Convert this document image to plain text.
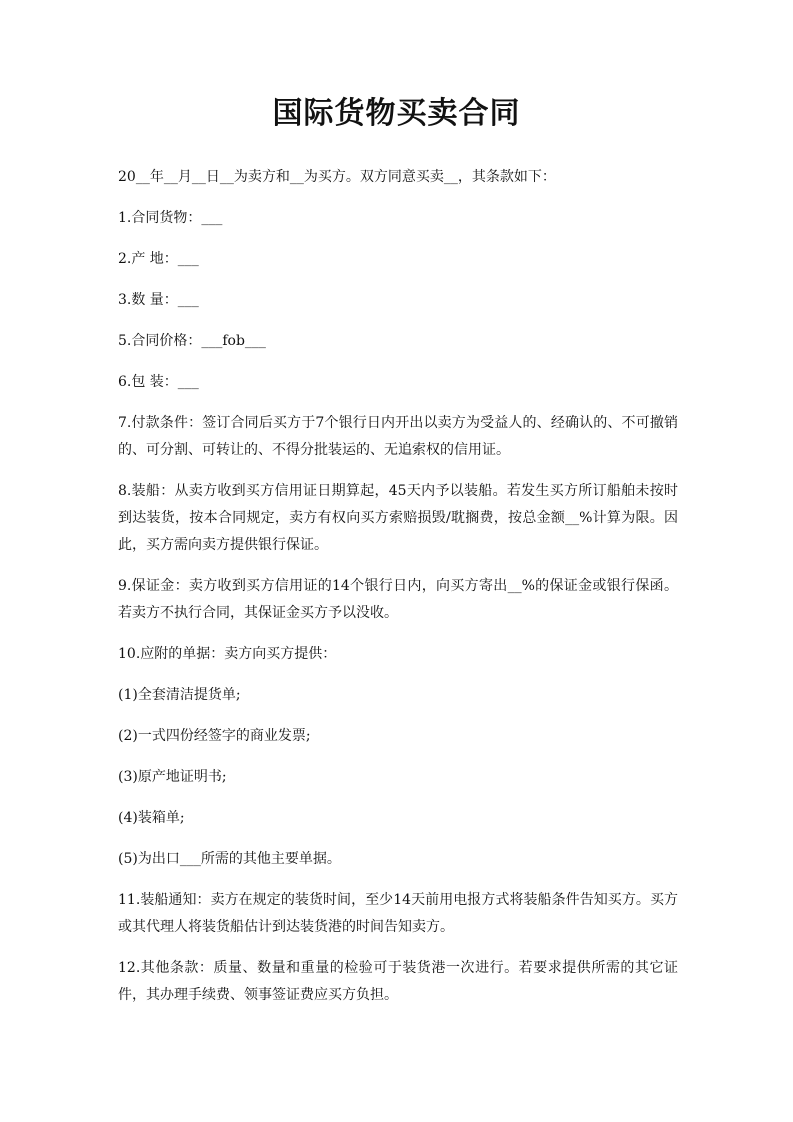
国际货物买卖合同

20__年__月__日__为卖方和__为买方。双方同意买卖__，其条款如下：

1.合同货物：___

2.产 地：___

3.数 量：___

5.合同价格：___fob___

6.包 装：___

7.付款条件：签订合同后买方于7个银行日内开出以卖方为受益人的、经确认的、不可撤销的、可分割、可转让的、不得分批装运的、无追索权的信用证。

8.装船：从卖方收到买方信用证日期算起，45天内予以装船。若发生买方所订船舶未按时到达装货，按本合同规定，卖方有权向买方索赔损毁/耽搁费，按总金额__%计算为限。因此，买方需向卖方提供银行保证。

9.保证金：卖方收到买方信用证的14个银行日内，向买方寄出__%的保证金或银行保函。若卖方不执行合同，其保证金买方予以没收。

10.应附的单据：卖方向买方提供：

(1)全套清洁提货单;

(2)一式四份经签字的商业发票;

(3)原产地证明书;

(4)装箱单;

(5)为出口___所需的其他主要单据。

11.装船通知：卖方在规定的装货时间，至少14天前用电报方式将装船条件告知买方。买方或其代理人将装货船估计到达装货港的时间告知卖方。

12.其他条款：质量、数量和重量的检验可于装货港一次进行。若要求提供所需的其它证件，其办理手续费、领事签证费应买方负担。
